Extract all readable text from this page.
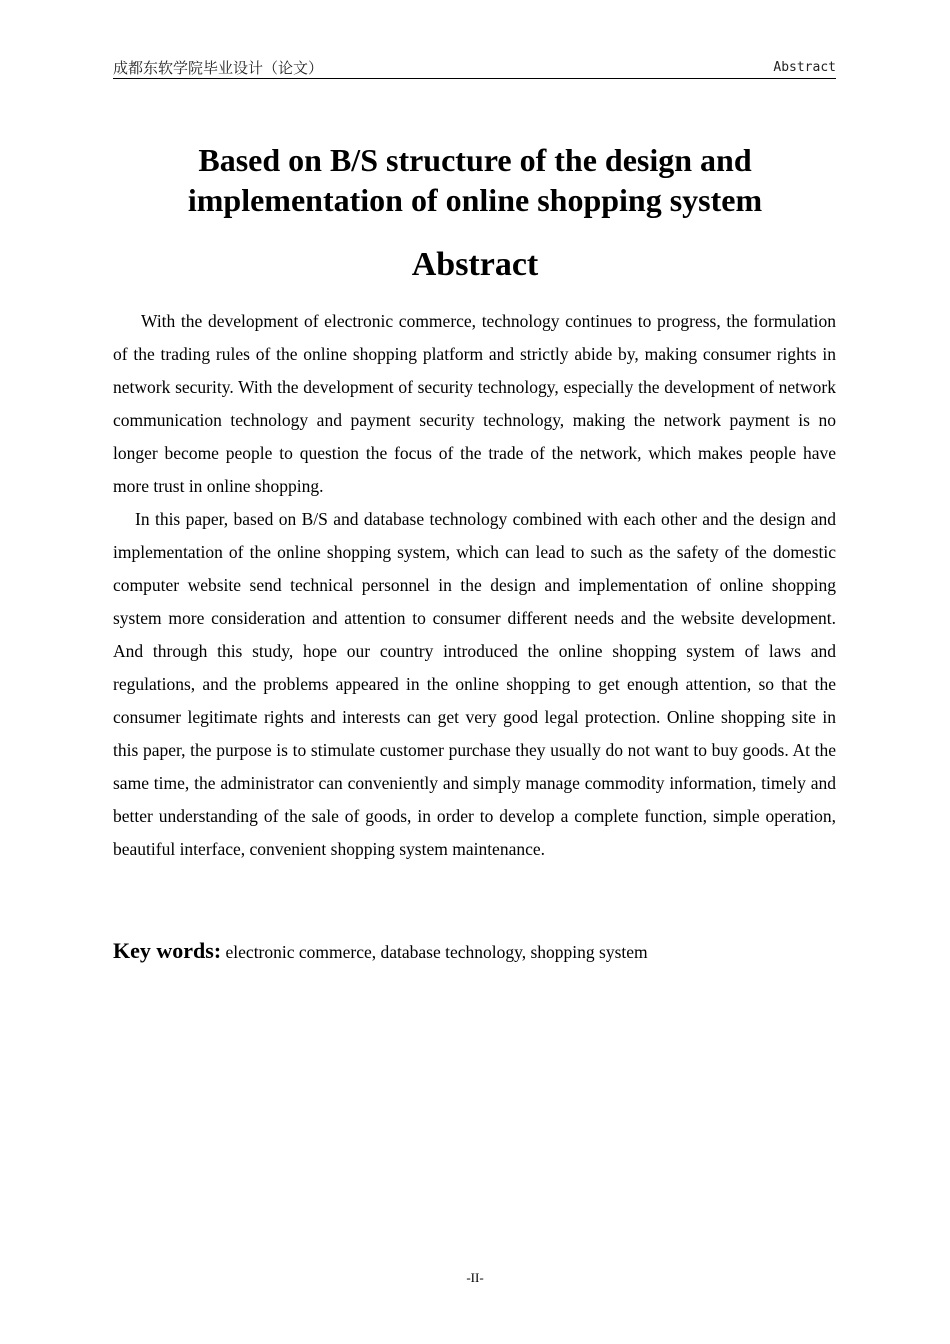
成都东软学院毕业设计（论文）	Abstract
Based on B/S structure of the design and
implementation of online shopping system
Abstract

With the development of electronic commerce, technology continues to progress, the formulation of the trading rules of the online shopping platform and strictly abide by, making consumer rights in network security. With the development of security technology, especially the development of network communication technology and payment security technology, making the network payment is no longer become people to question the focus of the trade of the network, which makes people have more trust in online shopping.

In this paper, based on B/S and database technology combined with each other and the design and implementation of the online shopping system, which can lead to such as the safety of the domestic computer website send technical personnel in the design and implementation of online shopping system more consideration and attention to consumer different needs and the website development. And through this study, hope our country introduced the online shopping system of laws and regulations, and the problems appeared in the online shopping to get enough attention, so that the consumer legitimate rights and interests can get very good legal protection. Online shopping site in this paper, the purpose is to stimulate customer purchase they usually do not want to buy goods. At the same time, the administrator can conveniently and simply manage commodity information, timely and better understanding of the sale of goods, in order to develop a complete function, simple operation, beautiful interface, convenient shopping system maintenance.

Key words: electronic commerce, database technology, shopping system
-II-
